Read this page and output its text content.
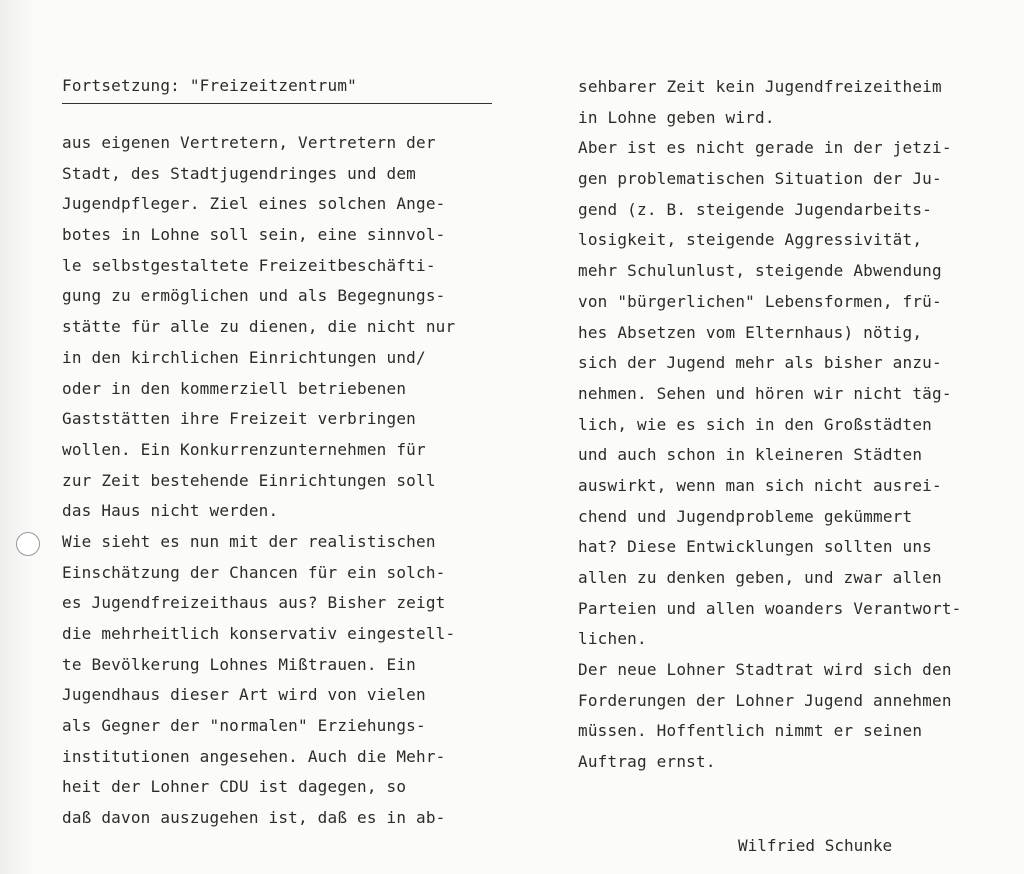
Fortsetzung: "Freizeitzentrum"
aus eigenen Vertretern, Vertretern der
Stadt, des Stadtjugendringes und dem
Jugendpfleger. Ziel eines solchen Ange-
botes in Lohne soll sein, eine sinnvol-
le selbstgestaltete Freizeitbeschäfti-
gung zu ermöglichen und als Begegnungs-
stätte für alle zu dienen, die nicht nur
in den kirchlichen Einrichtungen und/
oder in den kommerziell betriebenen
Gaststätten ihre Freizeit verbringen
wollen. Ein Konkurrenzunternehmen für
zur Zeit bestehende Einrichtungen soll
das Haus nicht werden.
Wie sieht es nun mit der realistischen
Einschätzung der Chancen für ein solch-
es Jugendfreizeithaus aus? Bisher zeigt
die mehrheitlich konservativ eingestell-
te Bevölkerung Lohnes Mißtrauen. Ein
Jugendhaus dieser Art wird von vielen
als Gegner der "normalen" Erziehungs-
institutionen angesehen. Auch die Mehr-
heit der Lohner CDU ist dagegen, so
daß davon auszugehen ist, daß es in ab-
sehbarer Zeit kein Jugendfreizeitheim
in Lohne geben wird.
Aber ist es nicht gerade in der jetzi-
gen problematischen Situation der Ju-
gend (z. B. steigende Jugendarbeits-
losigkeit, steigende Aggressivität,
mehr Schulunlust, steigende Abwendung
von "bürgerlichen" Lebensformen, frü-
hes Absetzen vom Elternhaus) nötig,
sich der Jugend mehr als bisher anzu-
nehmen. Sehen und hören wir nicht täg-
lich, wie es sich in den Großstädten
und auch schon in kleineren Städten
auswirkt, wenn man sich nicht ausrei-
chend und Jugendprobleme gekümmert
hat? Diese Entwicklungen sollten uns
allen zu denken geben, und zwar allen
Parteien und allen woanders Verantwort-
lichen.
Der neue Lohner Stadtrat wird sich den
Forderungen der Lohner Jugend annehmen
müssen. Hoffentlich nimmt er seinen
Auftrag ernst.
Wilfried Schunke
